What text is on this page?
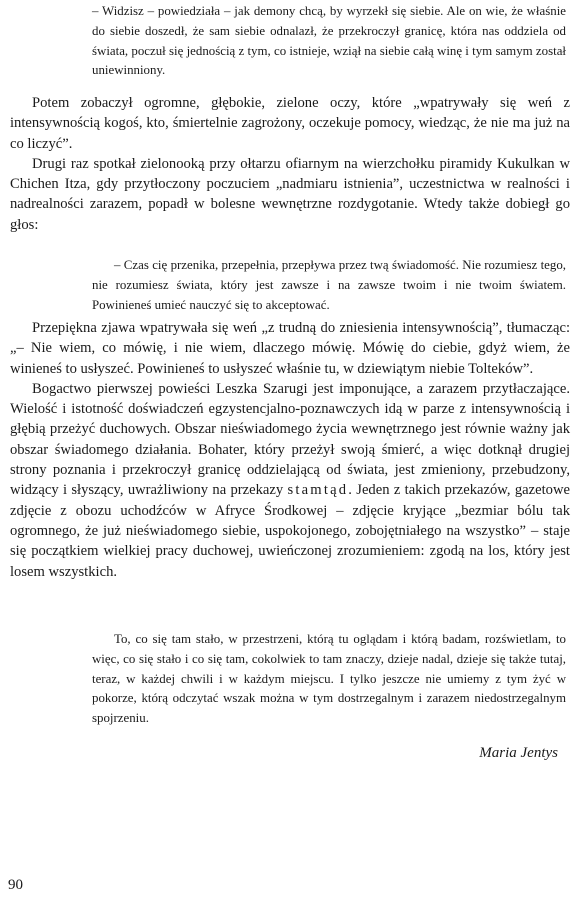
– Widzisz – powiedziała – jak demony chcą, by wyrzekł się siebie. Ale on wie, że właśnie do siebie doszedł, że sam siebie odnalazł, że przekroczył granicę, która nas oddziela od świata, poczuł się jednością z tym, co istnieje, wziął na siebie całą winę i tym samym został uniewinniony.

Potem zobaczył ogromne, głębokie, zielone oczy, które „wpatrywały się weń z intensywnością kogoś, kto, śmiertelnie zagrożony, oczekuje pomocy, wiedząc, że nie ma już na co liczyć”.

Drugi raz spotkał zielonooką przy ołtarzu ofiarnym na wierzchołku piramidy Kukulkan w Chichen Itza, gdy przytłoczony poczuciem „nadmiaru istnienia”, uczestnictwa w realności i nadrealności zarazem, popadł w bolesne wewnętrzne rozdygotanie. Wtedy także dobiegł go głos:

– Czas cię przenika, przepełnia, przepływa przez twą świadomość. Nie rozumiesz tego, nie rozumiesz świata, który jest zawsze i na zawsze twoim i nie twoim światem. Powinieneś umieć nauczyć się to akceptować.

Przepiękna zjawa wpatrywała się weń „z trudną do zniesienia intensywnością”, tłumacząc: „– Nie wiem, co mówię, i nie wiem, dlaczego mówię. Mówię do ciebie, gdyż wiem, że winieneś to usłyszeć. Powinieneś to usłyszeć właśnie tu, w dziewiątym niebie Tolteków”.

Bogactwo pierwszej powieści Leszka Szarugi jest imponujące, a zarazem przytłaczające. Wielość i istotność doświadczeń egzystencjalno-poznawczych idą w parze z intensywnością i głębią przeżyć duchowych. Obszar nieświadomego życia wewnętrznego jest równie ważny jak obszar świadomego działania. Bohater, który przeżył swoją śmierć, a więc dotknął drugiej strony poznania i przekroczył granicę oddzielającą od świata, jest zmieniony, przebudzony, widzący i słyszący, uwrażliwiony na przekazy stamtąd. Jeden z takich przekazów, gazetowe zdjęcie z obozu uchodźców w Afryce Środkowej – zdjęcie kryjące „bezmiar bólu tak ogromnego, że już nieświadomego siebie, uspokojonego, zobojętniałego na wszystko” – staje się początkiem wielkiej pracy duchowej, uwieńczonej zrozumieniem: zgodą na los, który jest losem wszystkich.

To, co się tam stało, w przestrzeni, którą tu oglądam i którą badam, rozświetlam, to więc, co się stało i co się tam, cokolwiek to tam znaczy, dzieje nadal, dzieje się także tutaj, teraz, w każdej chwili i w każdym miejscu. I tylko jeszcze nie umiemy z tym żyć w pokorze, którą odczytać wszak można w tym dostrzegalnym i zarazem niedostrzegalnym spojrzeniu.

Maria Jentys
90
